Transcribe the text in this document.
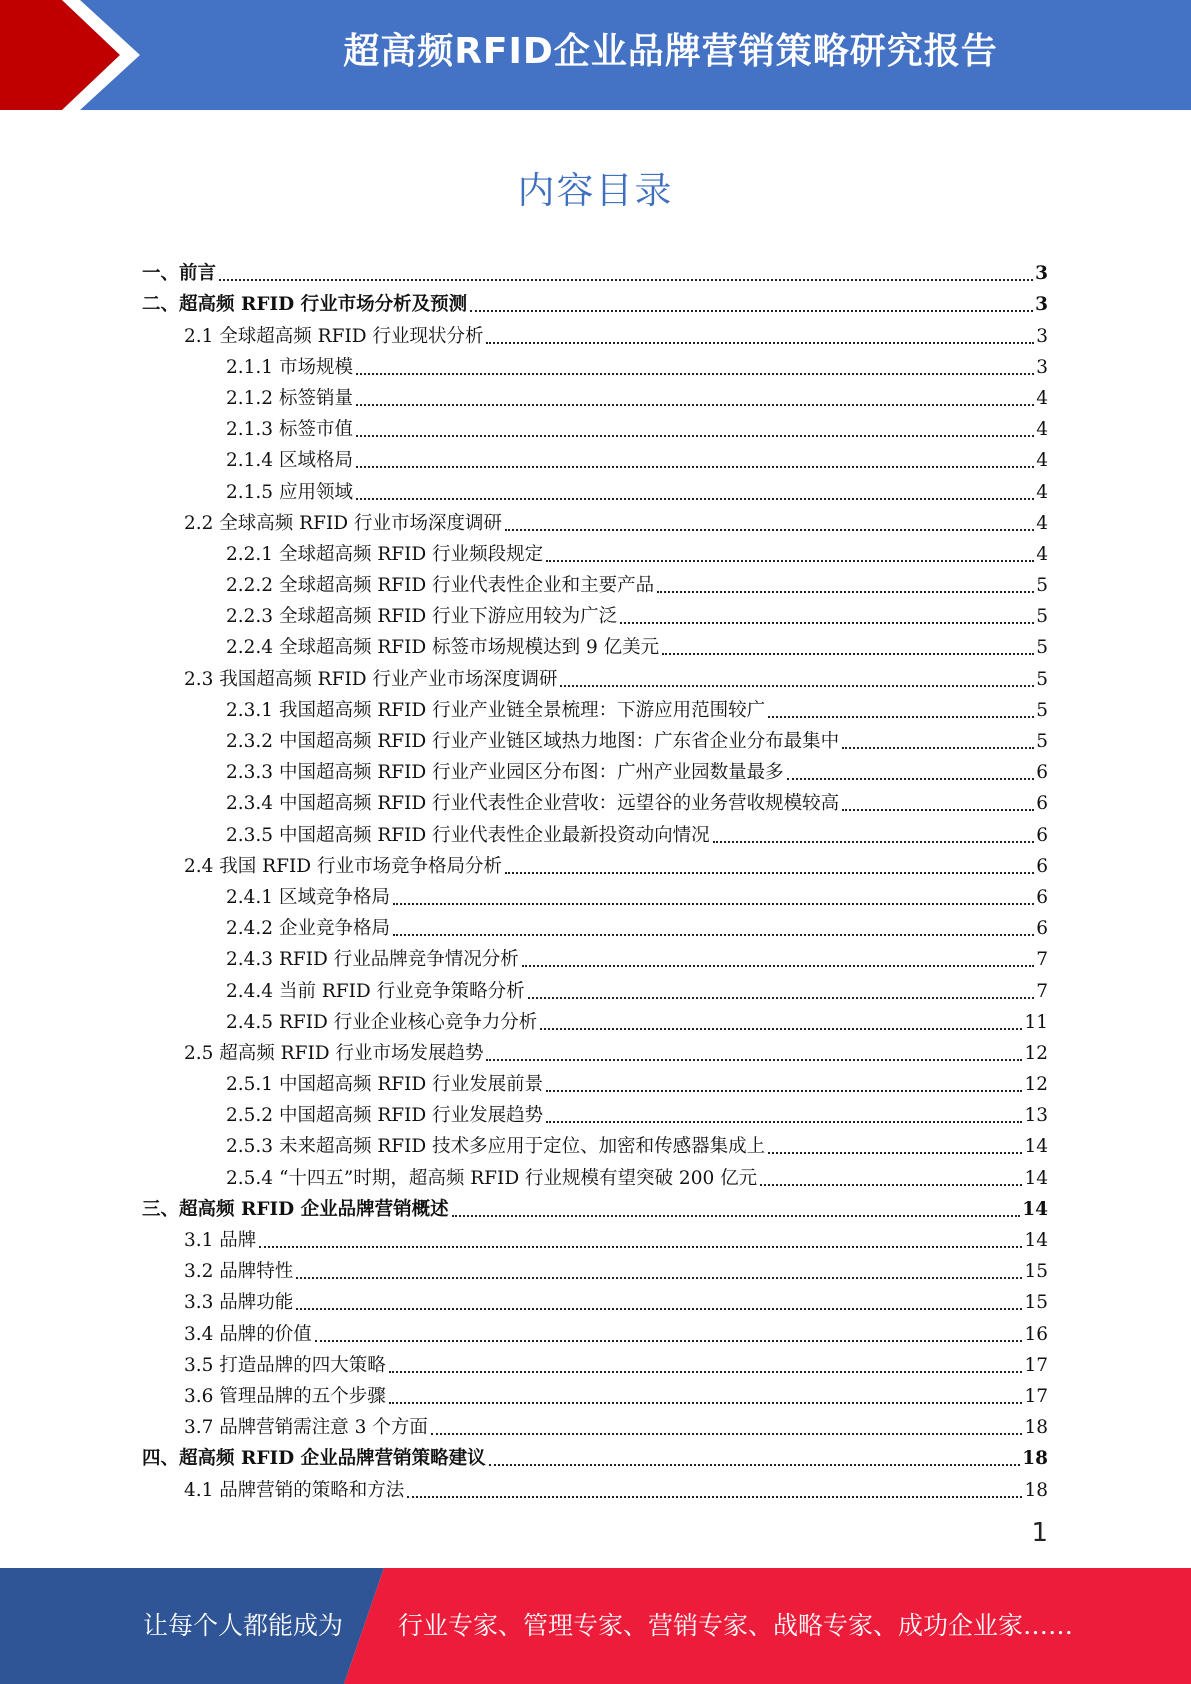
超高频RFID企业品牌营销策略研究报告
内容目录
一、前言	3
二、超高频 RFID 行业市场分析及预测	3
2.1 全球超高频 RFID 行业现状分析	3
2.1.1 市场规模	3
2.1.2 标签销量	4
2.1.3 标签市值	4
2.1.4 区域格局	4
2.1.5 应用领域	4
2.2 全球高频 RFID 行业市场深度调研	4
2.2.1 全球超高频 RFID 行业频段规定	4
2.2.2 全球超高频 RFID 行业代表性企业和主要产品	5
2.2.3 全球超高频 RFID 行业下游应用较为广泛	5
2.2.4 全球超高频 RFID 标签市场规模达到 9 亿美元	5
2.3 我国超高频 RFID 行业产业市场深度调研	5
2.3.1 我国超高频 RFID 行业产业链全景梳理：下游应用范围较广	5
2.3.2 中国超高频 RFID 行业产业链区域热力地图：广东省企业分布最集中	5
2.3.3 中国超高频 RFID 行业产业园区分布图：广州产业园数量最多	6
2.3.4 中国超高频 RFID 行业代表性企业营收：远望谷的业务营收规模较高	6
2.3.5 中国超高频 RFID 行业代表性企业最新投资动向情况	6
2.4 我国 RFID 行业市场竞争格局分析	6
2.4.1 区域竞争格局	6
2.4.2 企业竞争格局	6
2.4.3 RFID 行业品牌竞争情况分析	7
2.4.4 当前 RFID 行业竞争策略分析	7
2.4.5 RFID 行业企业核心竞争力分析	11
2.5 超高频 RFID 行业市场发展趋势	12
2.5.1 中国超高频 RFID 行业发展前景	12
2.5.2 中国超高频 RFID 行业发展趋势	13
2.5.3 未来超高频 RFID 技术多应用于定位、加密和传感器集成上	14
2.5.4 “十四五”时期，超高频 RFID 行业规模有望突破 200 亿元	14
三、超高频 RFID 企业品牌营销概述	14
3.1 品牌	14
3.2 品牌特性	15
3.3 品牌功能	15
3.4 品牌的价值	16
3.5 打造品牌的四大策略	17
3.6 管理品牌的五个步骤	17
3.7 品牌营销需注意 3 个方面	18
四、超高频 RFID 企业品牌营销策略建议	18
4.1 品牌营销的策略和方法	18
1
让每个人都能成为 行业专家、管理专家、营销专家、战略专家、成功企业家……
